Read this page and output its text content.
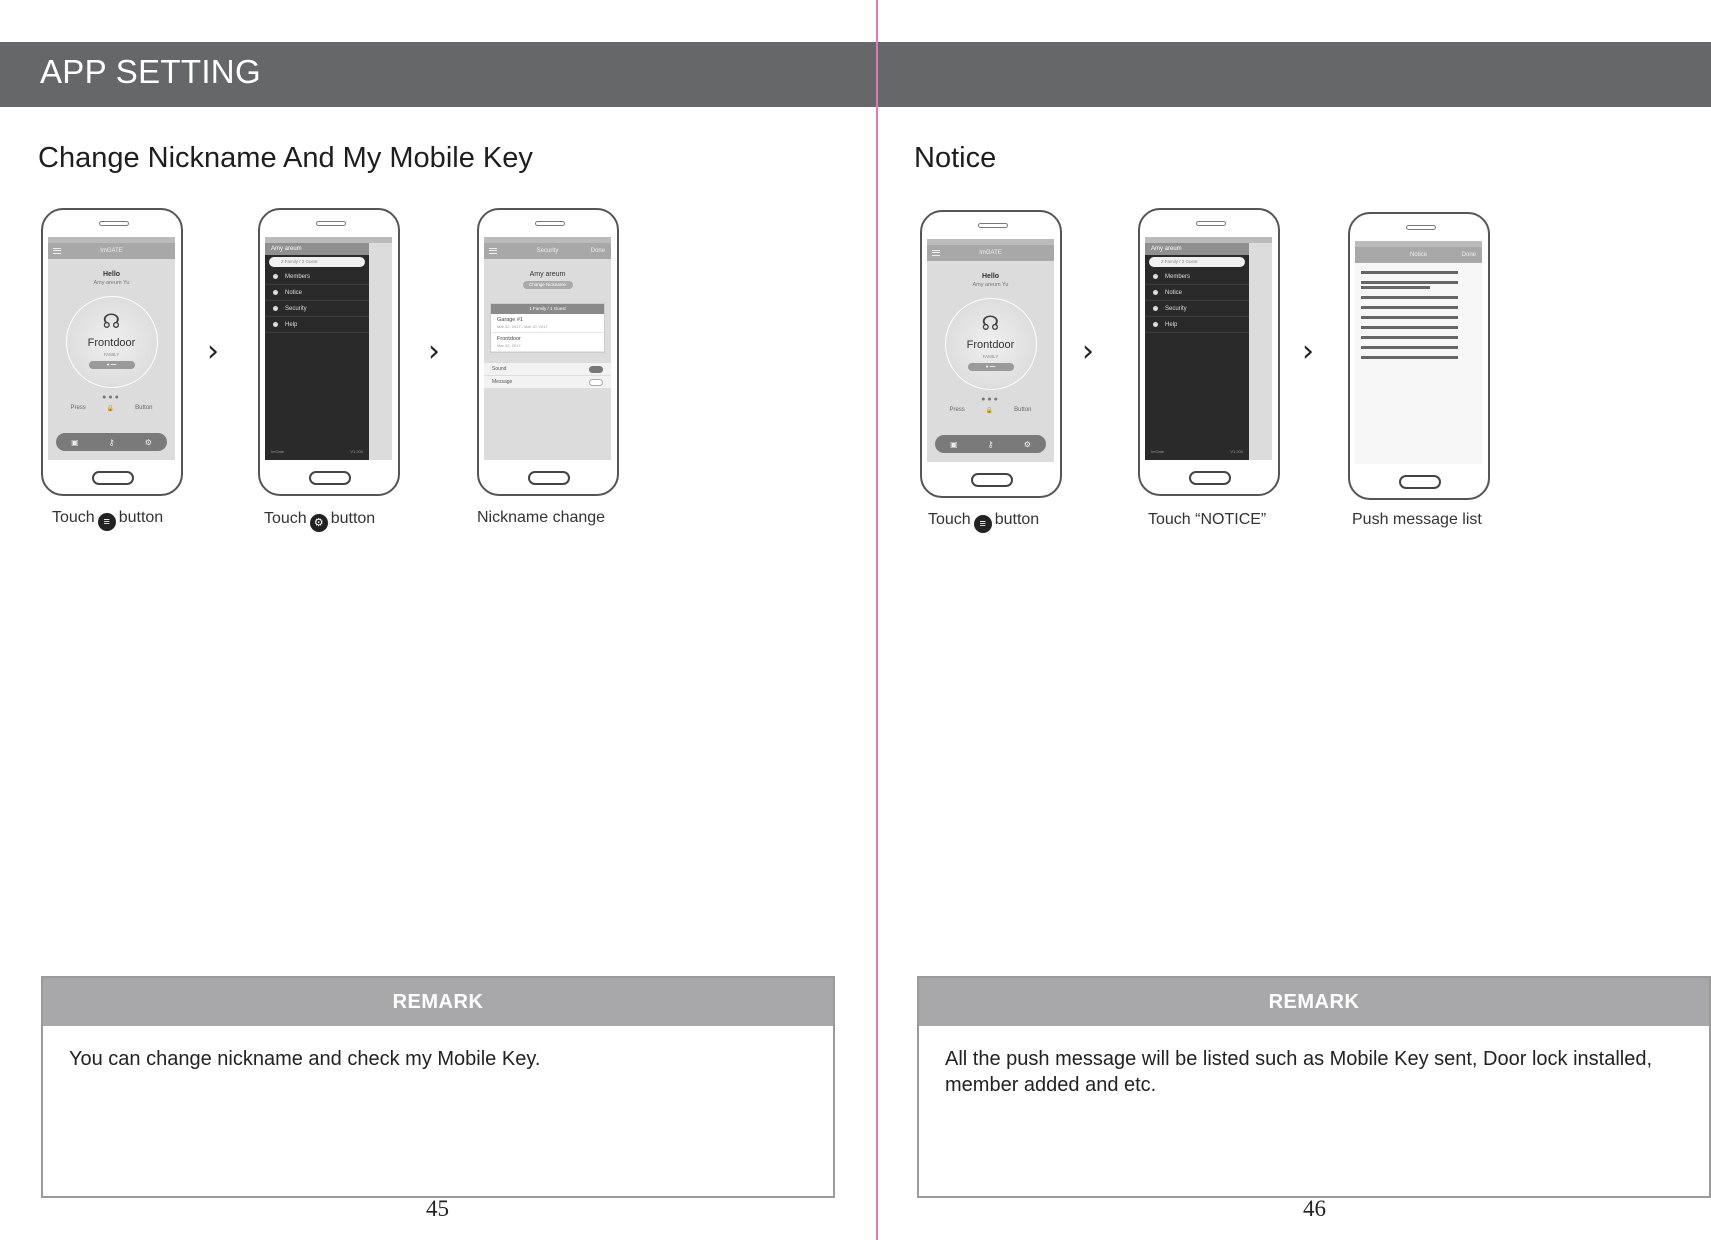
APP SETTING
Change Nickname And My Mobile Key
ImGATE
Hello
Amy areum Yu
☊
Frontdoor
FAMILY
● ━━
●●●
Press	🔒	Button
▣	⚷	⚙
›
Touch ≡ button
Amy areum
2 Family / 2 Guest
Members
Notice
Security
Help
ImGate	V1.200
›
Touch ⚙ button
Security	Done
Amy areum
Change Nickname
1 Family / 1 Guest
Garage #1
Mar 02, 2017 - Mar 10, 2017
Frontdoor
Mar 02, 2017
Sound
Message
Nickname change
REMARK
You can change nickname and check my Mobile Key.
45
Notice
ImGATE
Hello
Amy areum Yu
☊
Frontdoor
FAMILY
● ━━
●●●
Press	🔒	Button
▣	⚷	⚙
›
Touch ≡ button
Amy areum
2 Family / 2 Guest
Members
Notice
Security
Help
ImGate	V1.200
›
Touch “NOTICE”
Notice	Done
Push message list
REMARK
All the push message will be listed such as Mobile Key sent, Door lock installed, member added and etc.
46
